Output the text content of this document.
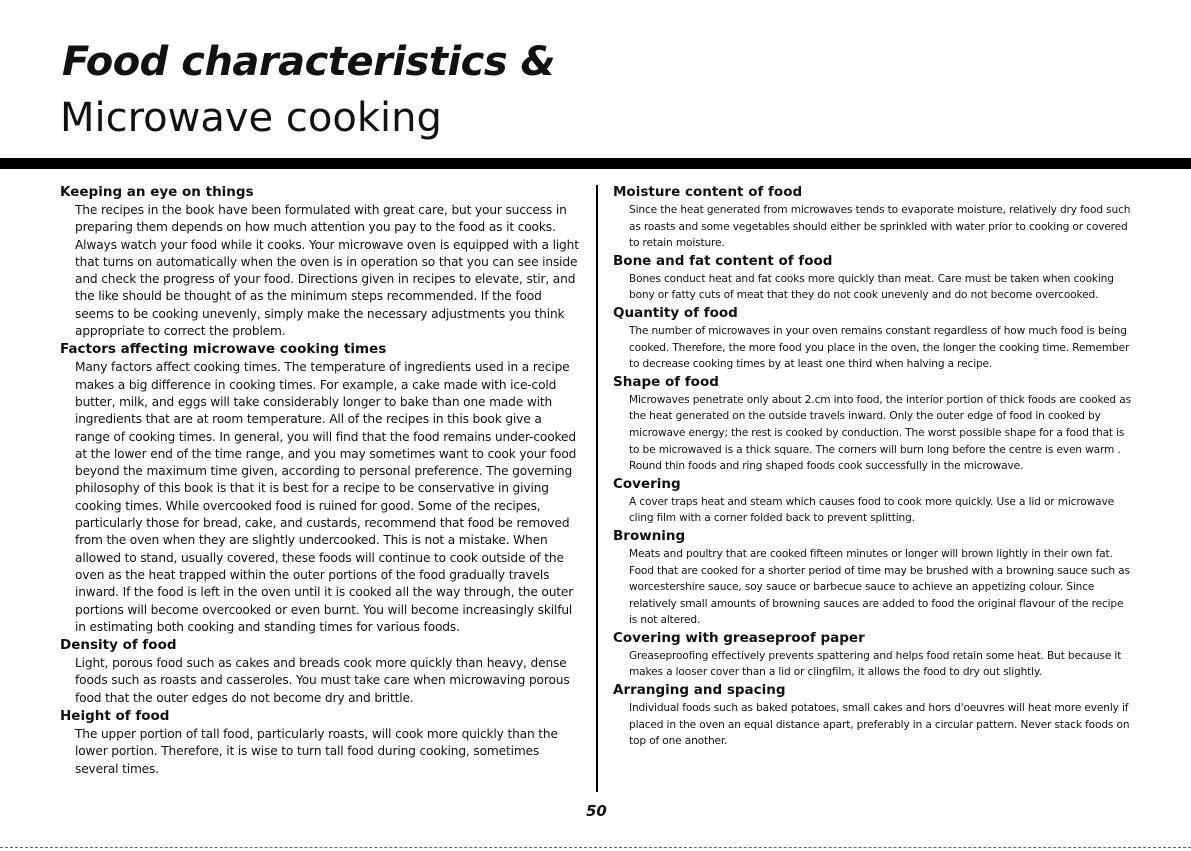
Food characteristics &
Microwave cooking
Keeping an eye on things

The recipes in the book have been formulated with great care, but your success in preparing them depends on how much attention you pay to the food as it cooks. Always watch your food while it cooks. Your microwave oven is equipped with a light that turns on automatically when the oven is in operation so that you can see inside and check the progress of your food. Directions given in recipes to elevate, stir, and the like should be thought of as the minimum steps recommended. If the food seems to be cooking unevenly, simply make the necessary adjustments you think appropriate to correct the problem.

Factors affecting microwave cooking times

Many factors affect cooking times. The temperature of ingredients used in a recipe makes a big difference in cooking times. For example, a cake made with ice-cold butter, milk, and eggs will take considerably longer to bake than one made with ingredients that are at room temperature. All of the recipes in this book give a range of cooking times. In general, you will find that the food remains under-cooked at the lower end of the time range, and you may sometimes want to cook your food beyond the maximum time given, according to personal preference. The governing philosophy of this book is that it is best for a recipe to be conservative in giving cooking times. While overcooked food is ruined for good. Some of the recipes, particularly those for bread, cake, and custards, recommend that food be removed from the oven when they are slightly undercooked. This is not a mistake. When allowed to stand, usually covered, these foods will continue to cook outside of the oven as the heat trapped within the outer portions of the food gradually travels inward. If the food is left in the oven until it is cooked all the way through, the outer portions will become overcooked or even burnt. You will become increasingly skilful in estimating both cooking and standing times for various foods.

Density of food

Light, porous food such as cakes and breads cook more quickly than heavy, dense foods such as roasts and casseroles. You must take care when microwaving porous food that the outer edges do not become dry and brittle.

Height of food

The upper portion of tall food, particularly roasts, will cook more quickly than the lower portion. Therefore, it is wise to turn tall food during cooking, sometimes several times.

Moisture content of food

Since the heat generated from microwaves tends to evaporate moisture, relatively dry food such as roasts and some vegetables should either be sprinkled with water prior to cooking or covered to retain moisture.

Bone and fat content of food

Bones conduct heat and fat cooks more quickly than meat. Care must be taken when cooking bony or fatty cuts of meat that they do not cook unevenly and do not become overcooked.

Quantity of food

The number of microwaves in your oven remains constant regardless of how much food is being cooked. Therefore, the more food you place in the oven, the longer the cooking time. Remember to decrease cooking times by at least one third when halving a recipe.

Shape of food

Microwaves penetrate only about 2.cm into food, the interior portion of thick foods are cooked as the heat generated on the outside travels inward. Only the outer edge of food in cooked by microwave energy; the rest is cooked by conduction. The worst possible shape for a food that is to be microwaved is a thick square. The corners will burn long before the centre is even warm . Round thin foods and ring shaped foods cook successfully in the microwave.

Covering

A cover traps heat and steam which causes food to cook more quickly. Use a lid or microwave cling film with a corner folded back to prevent splitting.

Browning

Meats and poultry that are cooked fifteen minutes or longer will brown lightly in their own fat. Food that are cooked for a shorter period of time may be brushed with a browning sauce such as worcestershire sauce, soy sauce or barbecue sauce to achieve an appetizing colour. Since relatively small amounts of browning sauces are added to food the original flavour of the recipe is not altered.

Covering with greaseproof paper

Greaseproofing effectively prevents spattering and helps food retain some heat. But because it makes a looser cover than a lid or clingfilm, it allows the food to dry out slightly.

Arranging and spacing

Individual foods such as baked potatoes, small cakes and hors d'oeuvres will heat more evenly if placed in the oven an equal distance apart, preferably in a circular pattern. Never stack foods on top of one another.

50
